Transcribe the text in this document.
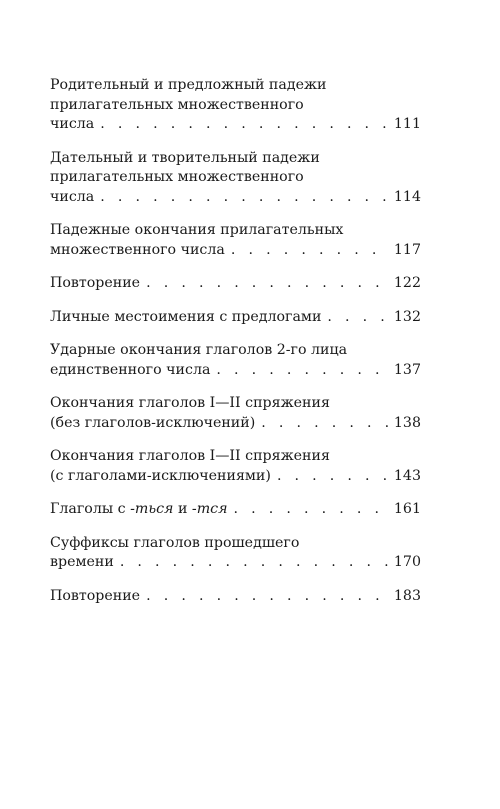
Родительный и предложный падежи
прилагательных множественного
числа . . .	111
Дательный и творительный падежи
прилагательных множественного
числа . . .	114
Падежные окончания прилагательных
множественного числа . . .	117
Повторение . . .	122
Личные местоимения с предлогами . . .	132
Ударные окончания глаголов 2-го лица
единственного числа . . .	137
Окончания глаголов I—II спряжения
(без глаголов-исключений) . . .	138
Окончания глаголов I—II спряжения
(с глаголами-исключениями) . . .	143
Глаголы с -ться и -тся . . .	161
Суффиксы глаголов прошедшего
времени . . .	170
Повторение . . .	183
